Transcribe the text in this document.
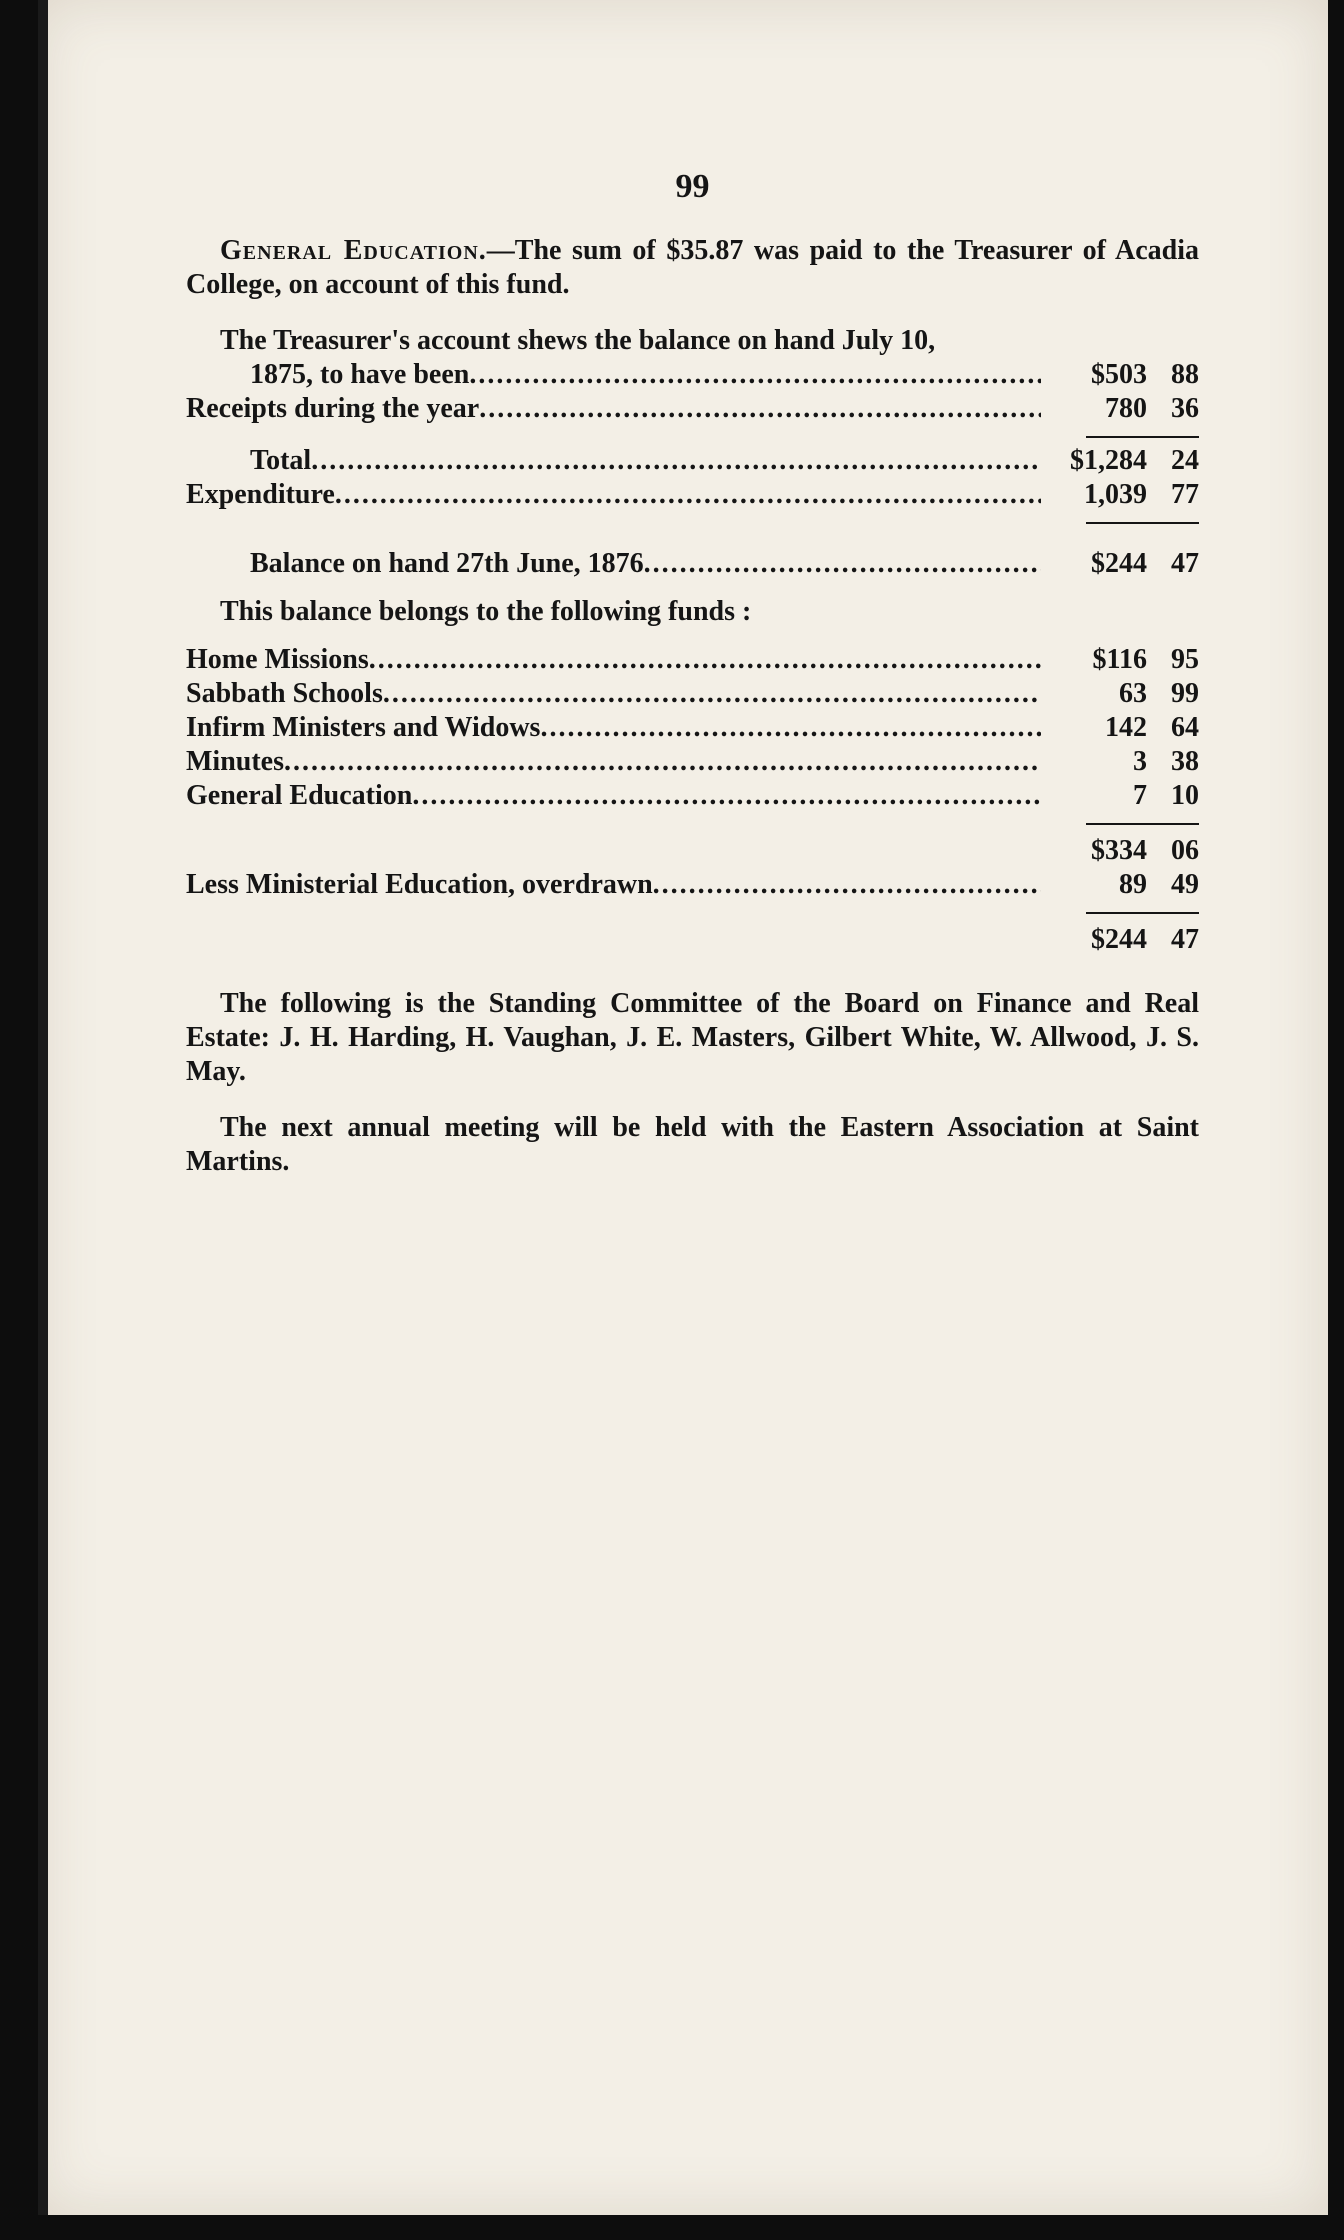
99

General Education.—The sum of $35.87 was paid to the Treasurer of Acadia College, on account of this fund.

The Treasurer's account shews the balance on hand July 10,

1875, to have been .....	$503 88
Receipts during the year .....	780 36
Total .....	$1,284 24
Expenditure .....	1,039 77
Balance on hand 27th June, 1876 .....	$244 47

This balance belongs to the following funds :

Home Missions .....	$116 95
Sabbath Schools .....	63 99
Infirm Ministers and Widows .....	142 64
Minutes .....	3 38
General Education .....	7 10
$334 06
Less Ministerial Education, overdrawn .....	89 49
$244 47

The following is the Standing Committee of the Board on Finance and Real Estate: J. H. Harding, H. Vaughan, J. E. Masters, Gilbert White, W. Allwood, J. S. May.

The next annual meeting will be held with the Eastern Association at Saint Martins.
